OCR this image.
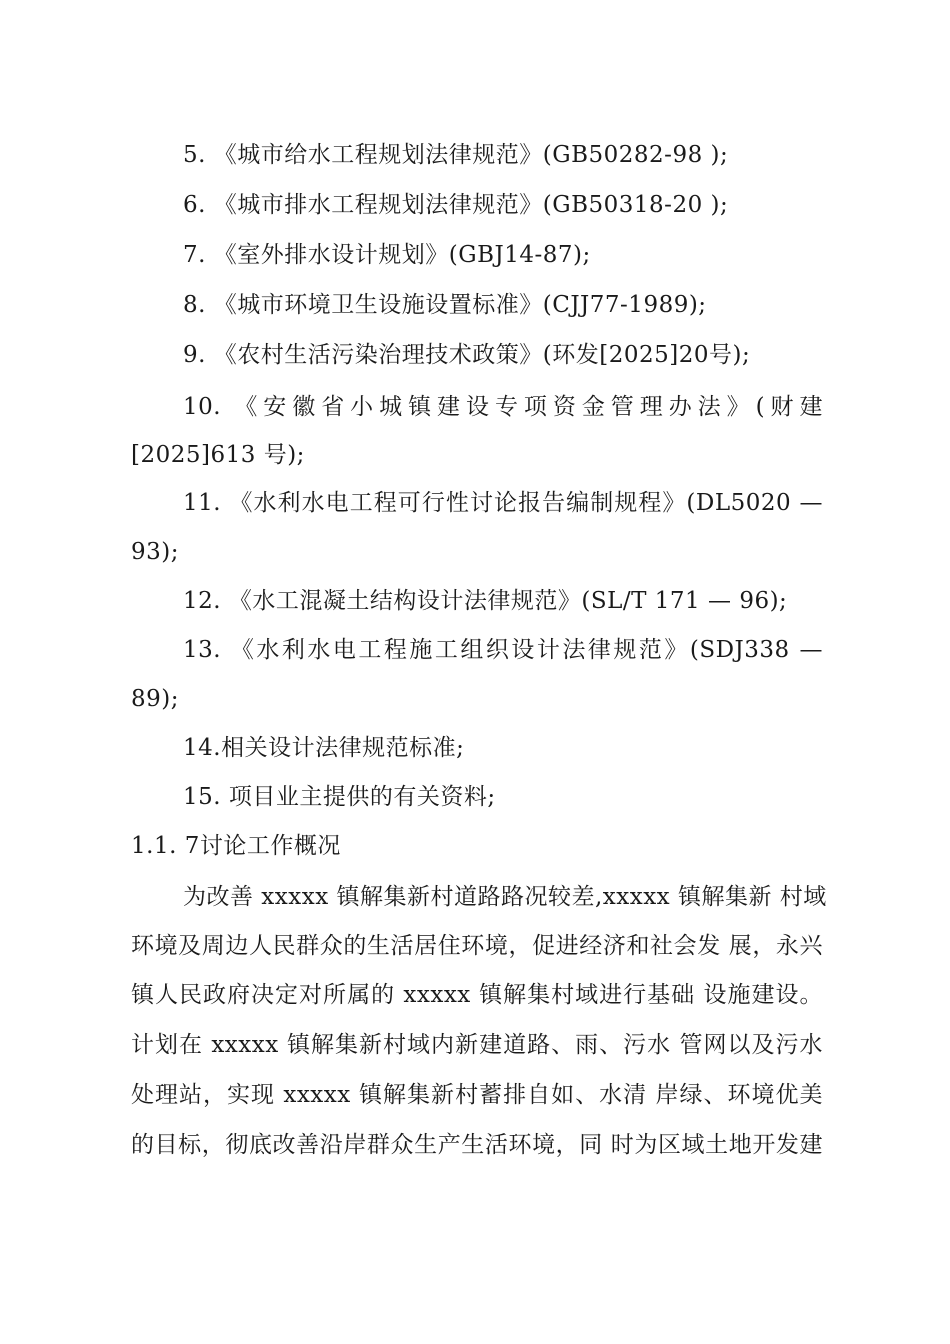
5. 《城市给水工程规划法律规范》(GB50282-98 );
6. 《城市排水工程规划法律规范》(GB50318-20 );
7. 《室外排水设计规划》(GBJ14-87);
8. 《城市环境卫生设施设置标准》(CJJ77-1989);
9. 《农村生活污染治理技术政策》(环发[2025]20号);
10. 《安徽省小城镇建设专项资金管理办法》(财建
[2025]613 号);
11. 《水利水电工程可行性讨论报告编制规程》(DL5020 —
93);
12. 《水工混凝土结构设计法律规范》(SL/T 171 — 96);
13. 《水利水电工程施工组织设计法律规范》(SDJ338 —
89);
14.相关设计法律规范标准;
15. 项目业主提供的有关资料;
1.1. 7讨论工作概况
为改善 xxxxx 镇解集新村道路路况较差,xxxxx 镇解集新 村域
环境及周边人民群众的生活居住环境，促进经济和社会发 展，永兴
镇人民政府决定对所属的 xxxxx 镇解集村域进行基础 设施建设。
计划在 xxxxx 镇解集新村域内新建道路、雨、污水 管网以及污水
处理站，实现 xxxxx 镇解集新村蓄排自如、水清 岸绿、环境优美
的目标，彻底改善沿岸群众生产生活环境，同 时为区域土地开发建
